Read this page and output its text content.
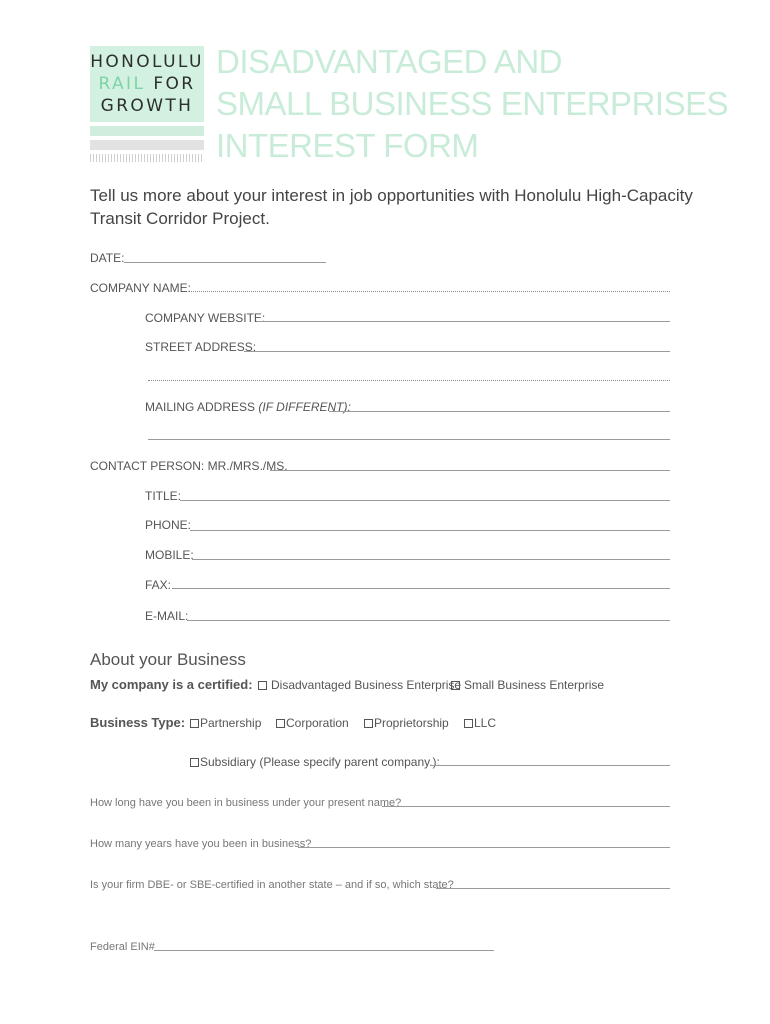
HONOLULU
RAIL FOR
GROWTH
DISADVANTAGED AND
SMALL BUSINESS ENTERPRISES
INTEREST FORM
Tell us more about your interest in job opportunities with Honolulu High-Capacity Transit Corridor Project.
DATE:
COMPANY NAME:
COMPANY WEBSITE:
STREET ADDRESS:
MAILING ADDRESS (IF DIFFERENT):
CONTACT PERSON: MR./MRS./MS.
TITLE:
PHONE:
MOBILE:
FAX:
E-MAIL:
About your Business
My company is a certified: Disadvantaged Business Enterprise Small Business Enterprise
Business Type: Partnership Corporation Proprietorship LLC
Subsidiary (Please specify parent company.):
How long have you been in business under your present name?
How many years have you been in business?
Is your firm DBE- or SBE-certified in another state – and if so, which state?
Federal EIN#
